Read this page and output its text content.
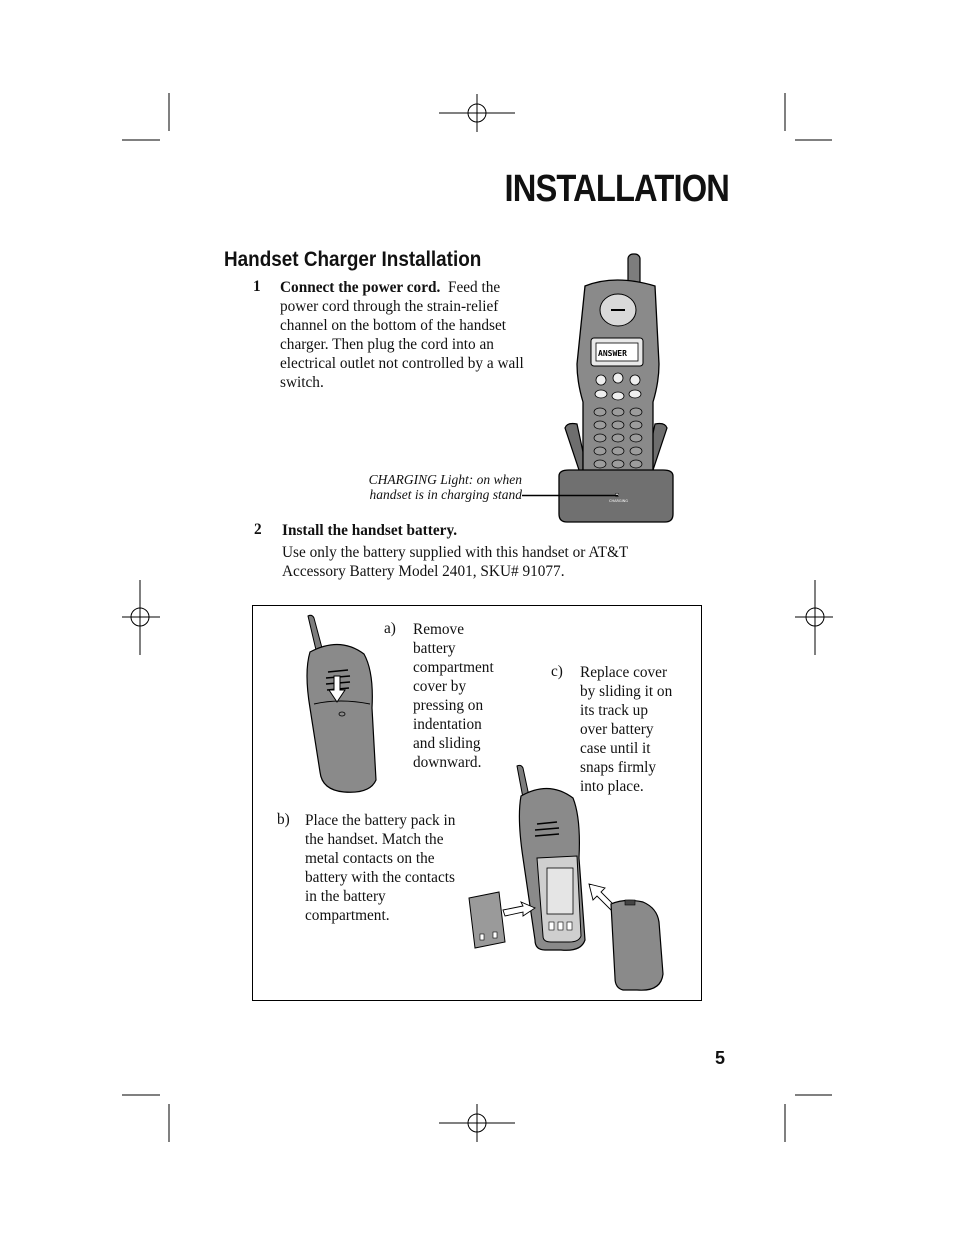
INSTALLATION
Handset Charger Installation
1 Connect the power cord. Feed the power cord through the strain-relief channel on the bottom of the handset charger. Then plug the cord into an electrical outlet not controlled by a wall switch.
ANSWER
CHARGING
CHARGING Light: on when
handset is in charging stand
2 Install the handset battery.
Use only the battery supplied with this handset or AT&T
Accessory Battery Model 2401, SKU# 91077.
a) Remove
battery
compartment
cover by
pressing on
indentation
and sliding
downward.
c) Replace cover
by sliding it on
its track up
over battery
case until it
snaps firmly
into place.
b) Place the battery pack in
the handset. Match the
metal contacts on the
battery with the contacts
in the battery
compartment.
5
